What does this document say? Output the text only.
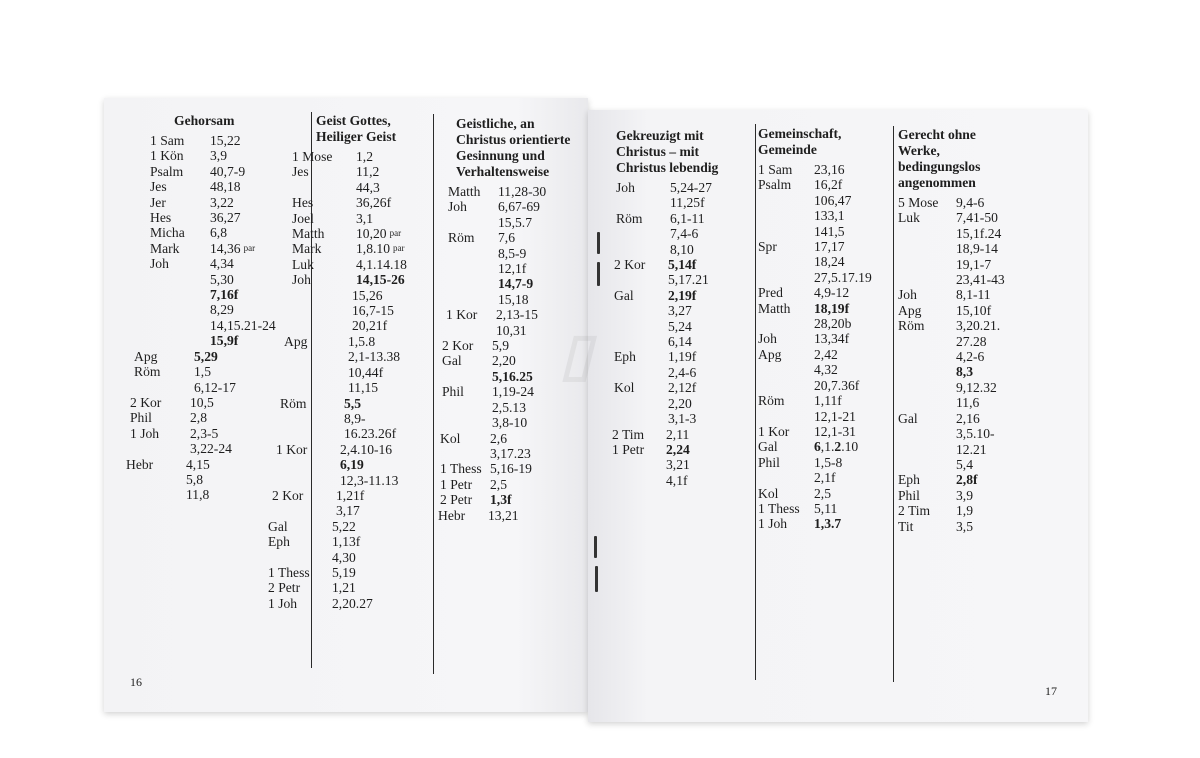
▯
16
17
Gehorsam
1 Sam	15,22
1 Kön	3,9
Psalm	40,7-9
Jes	48,18
Jer	3,22
Hes	36,27
Micha	6,8
Mark	14,36 par
Joh	4,34
5,30
7,16f
8,29
14,15.21-24
15,9f
Apg	5,29
Röm	1,5
6,12-17
2 Kor	10,5
Phil	2,8
1 Joh	2,3-5
3,22-24
Hebr	4,15
5,8
11,8
Geist Gottes,
Heiliger Geist
1 Mose	1,2
Jes	11,2
44,3
Hes	36,26f
Joel	3,1
Matth	10,20 par
Mark	1,8.10 par
Luk	4,1.14.18
Joh	14,15-26
15,26
16,7-15
20,21f
Apg	1,5.8
2,1-13.38
10,44f
11,15
Röm	5,5
8,9-
16.23.26f
1 Kor	2,4.10-16
6,19
12,3-11.13
2 Kor	1,21f
3,17
Gal	5,22
Eph	1,13f
4,30
1 Thess	5,19
2 Petr	1,21
1 Joh	2,20.27
Geistliche, an
Christus orientierte
Gesinnung und
Verhaltensweise
Matth	11,28-30
Joh	6,67-69
15,5.7
Röm	7,6
8,5-9
12,1f
14,7-9
15,18
1 Kor	2,13-15
10,31
2 Kor	5,9
Gal	2,20
5,16.25
Phil	1,19-24
2,5.13
3,8-10
Kol	2,6
3,17.23
1 Thess 5,16-19
1 Petr	2,5
2 Petr	1,3f
Hebr	13,21
Gekreuzigt mit
Christus – mit
Christus lebendig
Joh	5,24-27
11,25f
Röm	6,1-11
7,4-6
8,10
2 Kor	5,14f
5,17.21
Gal	2,19f
3,27
5,24
6,14
Eph	1,19f
2,4-6
Kol	2,12f
2,20
3,1-3
2 Tim	2,11
1 Petr	2,24
3,21
4,1f
Gemeinschaft,
Gemeinde
1 Sam	23,16
Psalm	16,2f
106,47
133,1
141,5
Spr	17,17
18,24
27,5.17.19
Pred	4,9-12
Matth	18,19f
28,20b
Joh	13,34f
Apg	2,42
4,32
20,7.36f
Röm	1,11f
12,1-21
1 Kor	12,1-31
Gal	6,1.2.10
Phil	1,5-8
2,1f
Kol	2,5
1 Thess	5,11
1 Joh	1,3.7
Gerecht ohne
Werke,
bedingungslos
angenommen
5 Mose	9,4-6
Luk	7,41-50
15,1f.24
18,9-14
19,1-7
23,41-43
Joh	8,1-11
Apg	15,10f
Röm	3,20.21.
27.28
4,2-6
8,3
9,12.32
11,6
Gal	2,16
3,5.10-
12.21
5,4
Eph	2,8f
Phil	3,9
2 Tim	1,9
Tit	3,5
